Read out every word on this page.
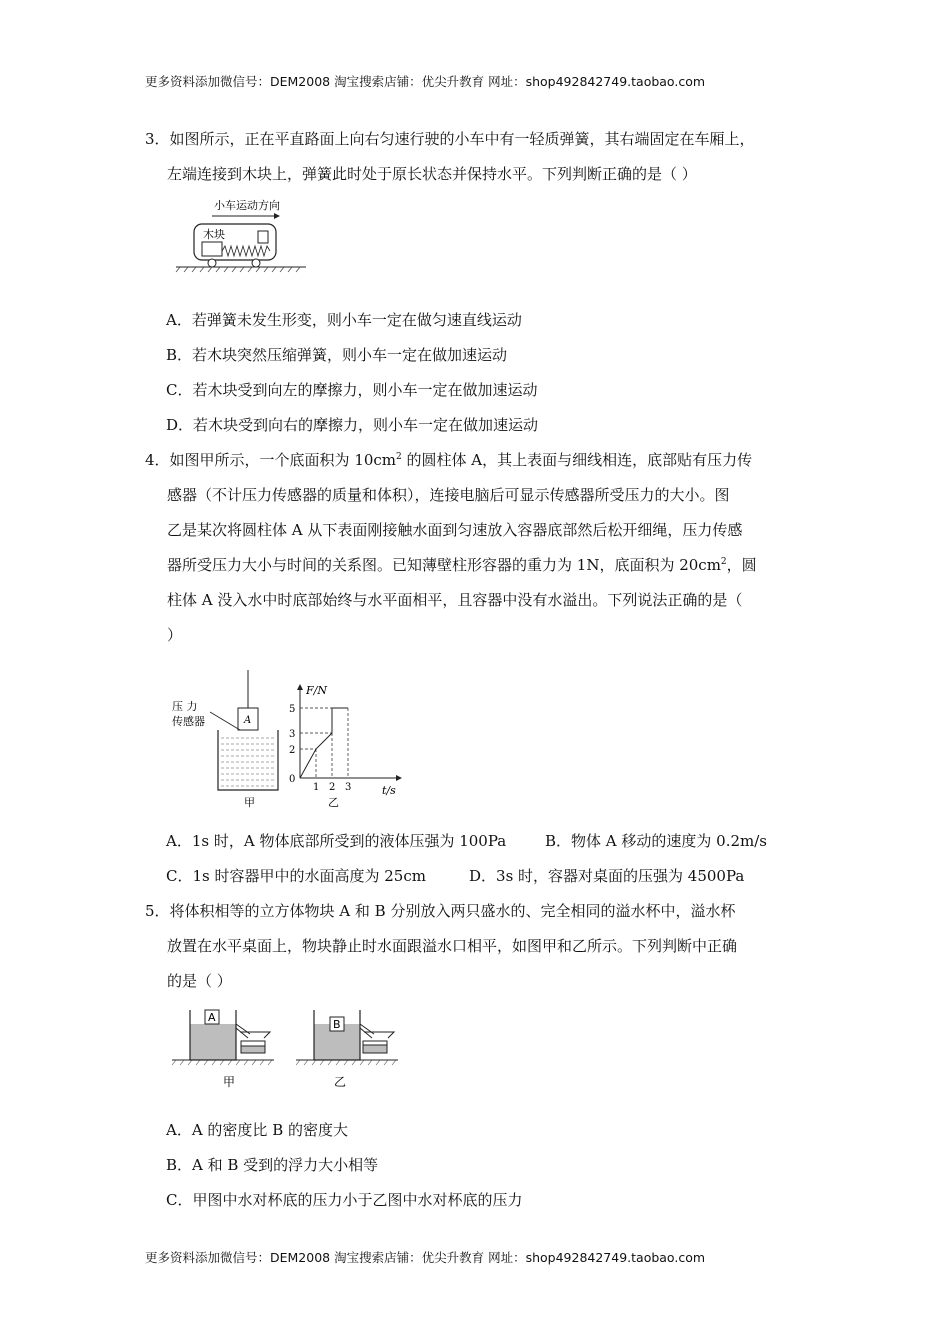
更多资料添加微信号：DEM2008 淘宝搜索店铺：优尖升教育 网址：shop492842749.taobao.com
3．如图所示，正在平直路面上向右匀速行驶的小车中有一轻质弹簧，其右端固定在车厢上，
左端连接到木块上，弹簧此时处于原长状态并保持水平。下列判断正确的是（ ）
小车运动方向
木块
A．若弹簧未发生形变，则小车一定在做匀速直线运动
B．若木块突然压缩弹簧，则小车一定在做加速运动
C．若木块受到向左的摩擦力，则小车一定在做加速运动
D．若木块受到向右的摩擦力，则小车一定在做加速运动
4．如图甲所示，一个底面积为 $10cm^2$ 的圆柱体 A，其上表面与细线相连，底部贴有压力传
感器（不计压力传感器的质量和体积），连接电脑后可显示传感器所受压力的大小。图
乙是某次将圆柱体 A 从下表面刚接触水面到匀速放入容器底部然后松开细绳，压力传感
器所受压力大小与时间的关系图。已知薄壁柱形容器的重力为 1N，底面积为 $20cm^2$，圆
柱体 A 没入水中时底部始终与水平面相平，且容器中没有水溢出。下列说法正确的是（
）
A
压 力
传感器
甲
F/N
t/s
5
3
2
0
1 2 3
乙
A．1s 时，A 物体底部所受到的液体压强为 100Pa	B．物体 A 移动的速度为 0.2m/s
C．1s 时容器甲中的水面高度为 25cm	D．3s 时，容器对桌面的压强为 4500Pa
5．将体积相等的立方体物块 A 和 B 分别放入两只盛水的、完全相同的溢水杯中，溢水杯
放置在水平桌面上，物块静止时水面跟溢水口相平，如图甲和乙所示。下列判断中正确
的是（ ）
A
甲
B
乙
A．A 的密度比 B 的密度大
B．A 和 B 受到的浮力大小相等
C．甲图中水对杯底的压力小于乙图中水对杯底的压力
更多资料添加微信号：DEM2008 淘宝搜索店铺：优尖升教育 网址：shop492842749.taobao.com
